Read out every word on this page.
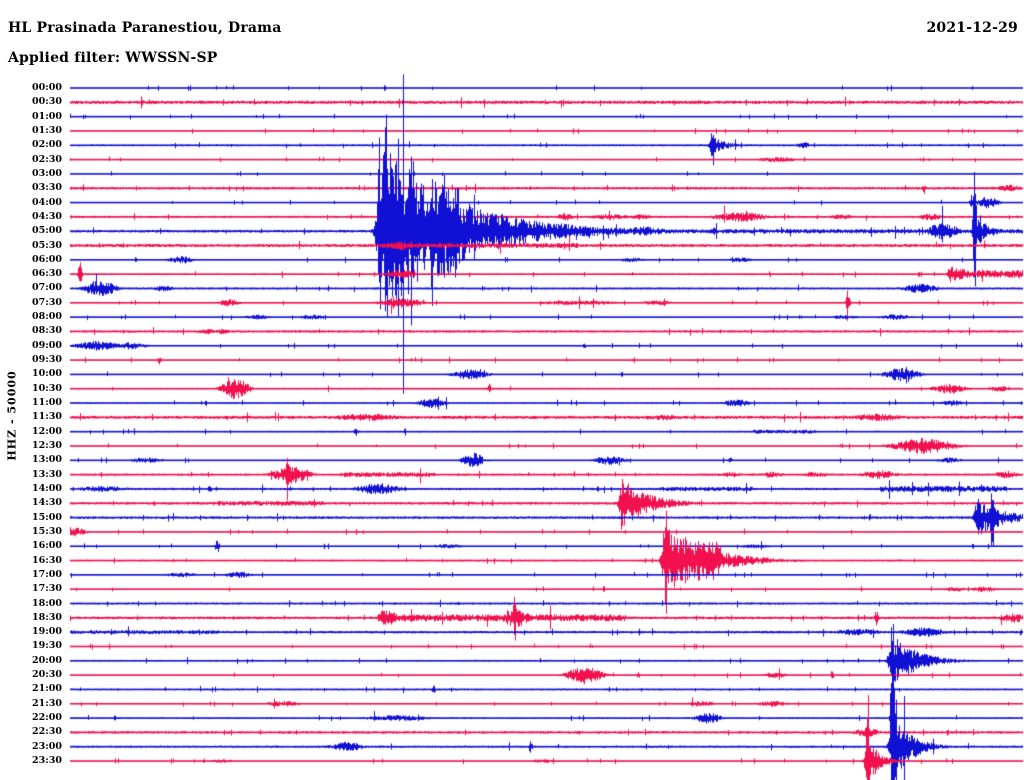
HL Prasinada Paranestiou, Drama	2021-12-29
Applied filter: WWSSN-SP
HHZ - 50000
00:00
00:30
01:00
01:30
02:00
02:30
03:00
03:30
04:00
04:30
05:00
05:30
06:00
06:30
07:00
07:30
08:00
08:30
09:00
09:30
10:00
10:30
11:00
11:30
12:00
12:30
13:00
13:30
14:00
14:30
15:00
15:30
16:00
16:30
17:00
17:30
18:00
18:30
19:00
19:30
20:00
20:30
21:00
21:30
22:00
22:30
23:00
23:30
